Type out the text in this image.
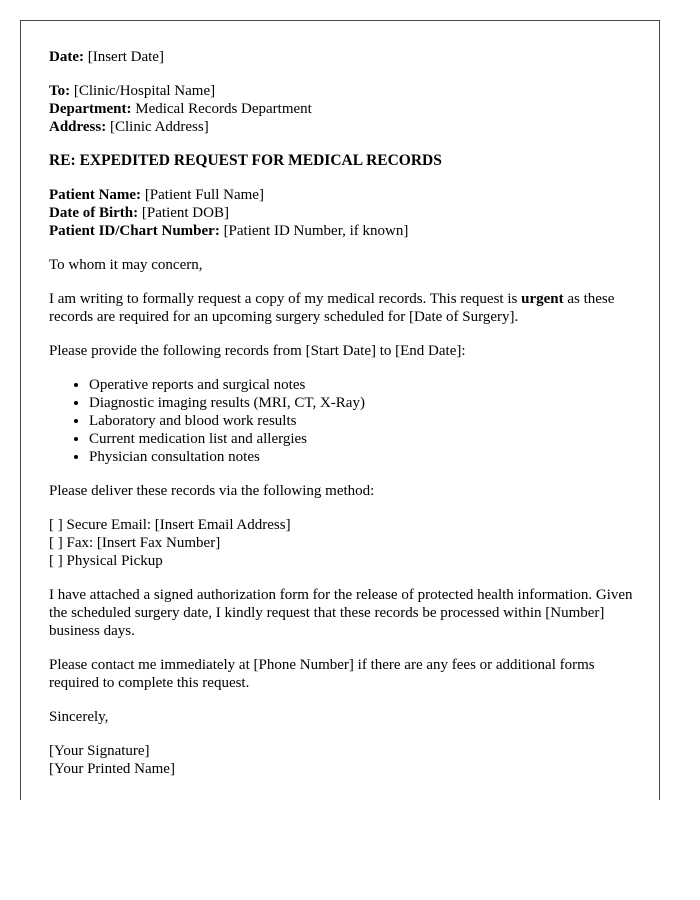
Date: [Insert Date]

To: [Clinic/Hospital Name]
Department: Medical Records Department
Address: [Clinic Address]

RE: EXPEDITED REQUEST FOR MEDICAL RECORDS

Patient Name: [Patient Full Name]
Date of Birth: [Patient DOB]
Patient ID/Chart Number: [Patient ID Number, if known]

To whom it may concern,

I am writing to formally request a copy of my medical records. This request is urgent as these records are required for an upcoming surgery scheduled for [Date of Surgery].

Please provide the following records from [Start Date] to [End Date]:

• Operative reports and surgical notes
• Diagnostic imaging results (MRI, CT, X-Ray)
• Laboratory and blood work results
• Current medication list and allergies
• Physician consultation notes

Please deliver these records via the following method:

[ ] Secure Email: [Insert Email Address]
[ ] Fax: [Insert Fax Number]
[ ] Physical Pickup

I have attached a signed authorization form for the release of protected health information. Given the scheduled surgery date, I kindly request that these records be processed within [Number] business days.

Please contact me immediately at [Phone Number] if there are any fees or additional forms required to complete this request.

Sincerely,

[Your Signature]
[Your Printed Name]
